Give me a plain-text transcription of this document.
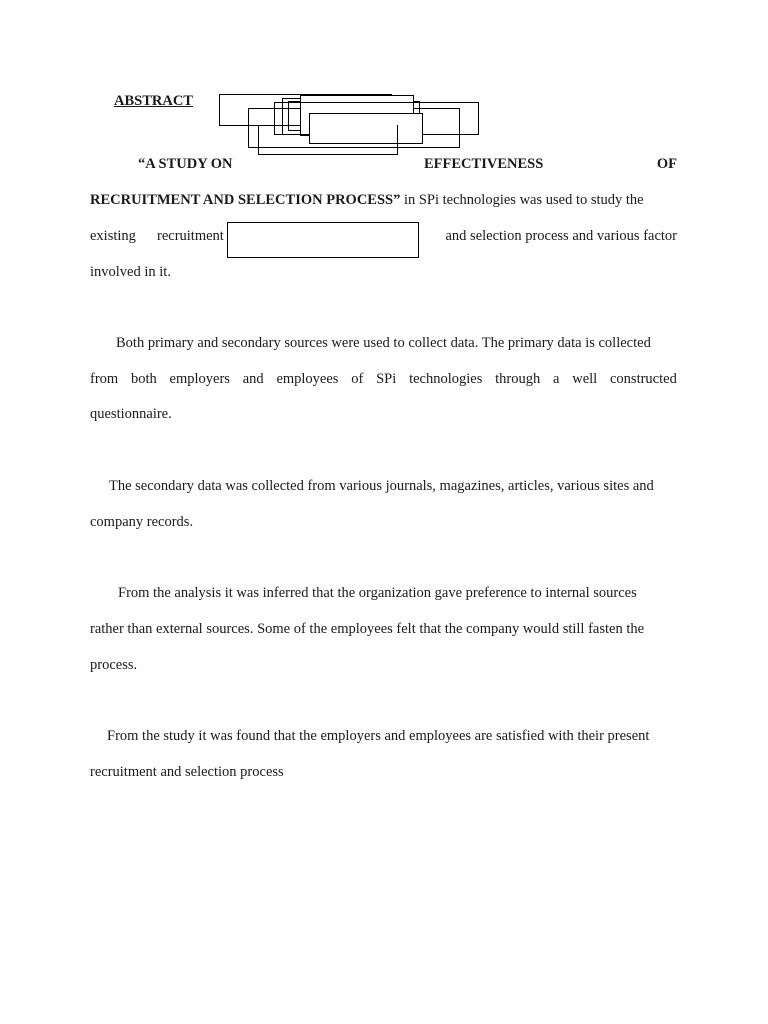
ABSTRACT
“A STUDY ON	EFFECTIVENESS	OF
RECRUITMENT AND SELECTION PROCESS” in SPi technologies was used to study the
existing recruitment	and selection process and various factor
involved in it.
Both primary and secondary sources were used to collect data. The primary data is collected
from both employers and employees of SPi technologies through a well constructed
questionnaire.
The secondary data was collected from various journals, magazines, articles, various sites and
company records.
From the analysis it was inferred that the organization gave preference to internal sources
rather than external sources. Some of the employees felt that the company would still fasten the
process.
From the study it was found that the employers and employees are satisfied with their present
recruitment and selection process
